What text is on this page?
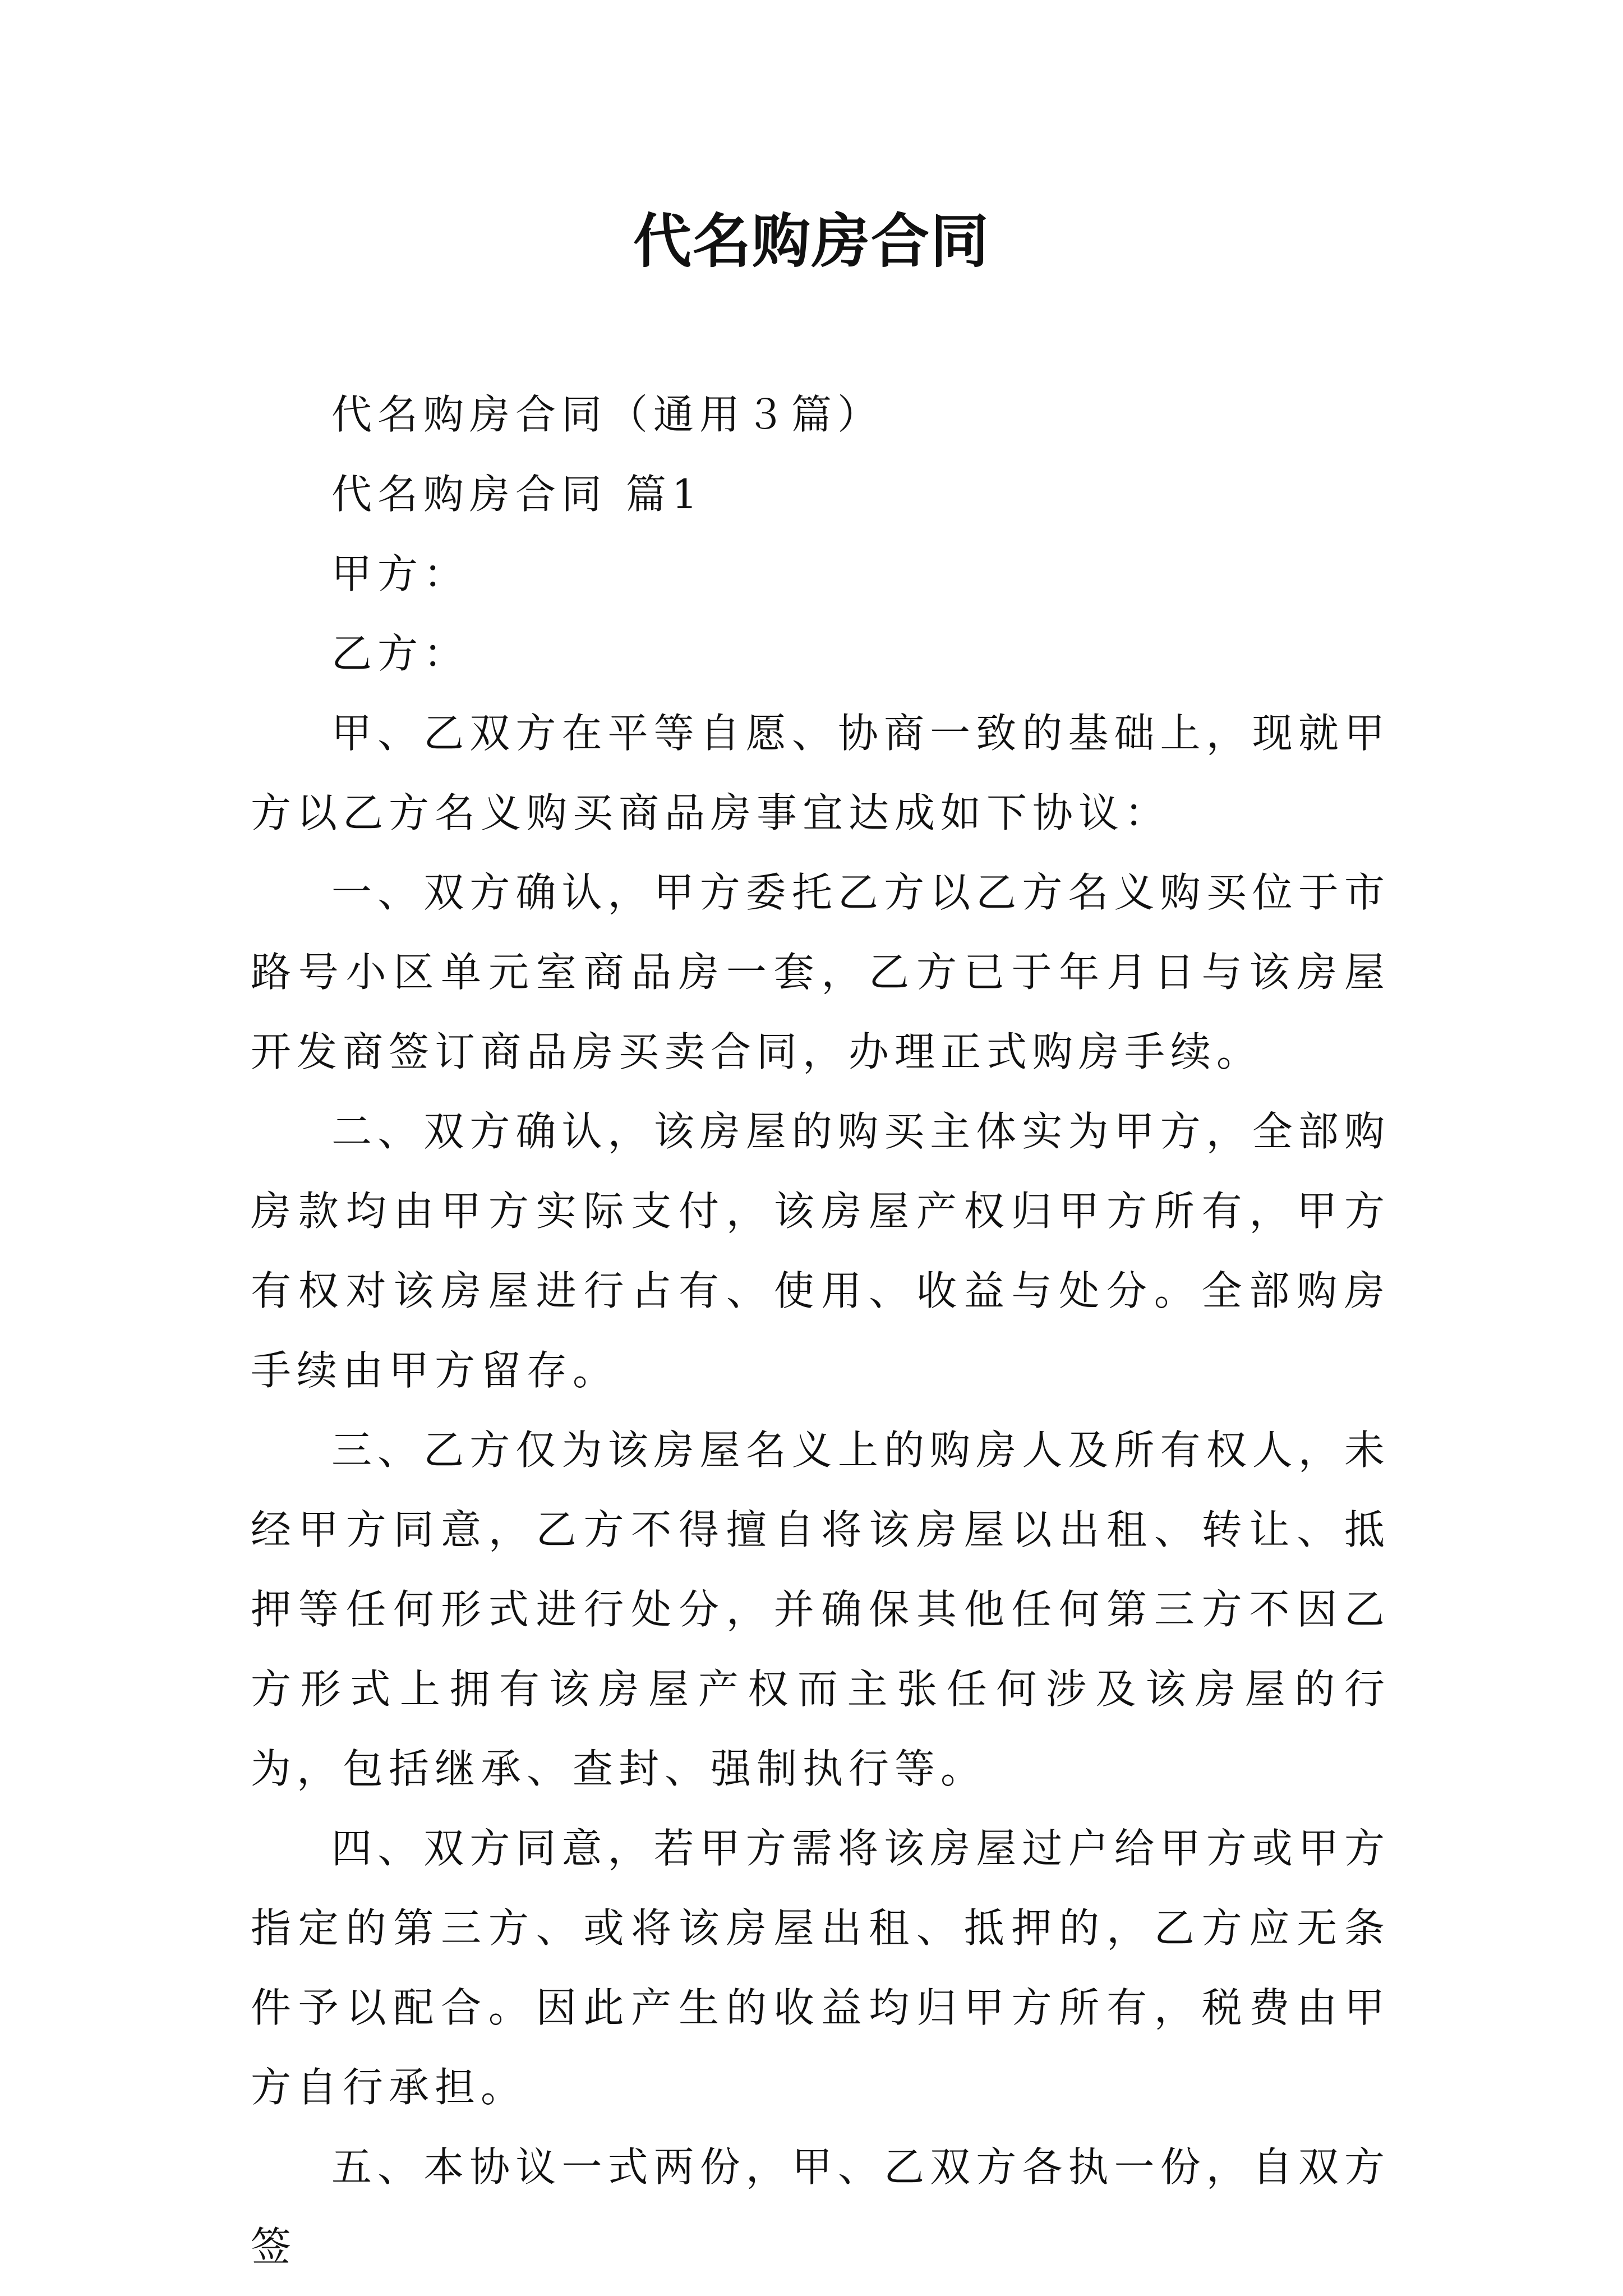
代名购房合同

代名购房合同（通用３篇）

代名购房合同 篇1

甲方：

乙方：

甲、乙双方在平等自愿、协商一致的基础上，现就甲方以乙方名义购买商品房事宜达成如下协议：

一、双方确认，甲方委托乙方以乙方名义购买位于市路号小区单元室商品房一套，乙方已于年月日与该房屋开发商签订商品房买卖合同，办理正式购房手续。

二、双方确认，该房屋的购买主体实为甲方，全部购房款均由甲方实际支付，该房屋产权归甲方所有，甲方有权对该房屋进行占有、使用、收益与处分。全部购房手续由甲方留存。

三、乙方仅为该房屋名义上的购房人及所有权人，未经甲方同意，乙方不得擅自将该房屋以出租、转让、抵押等任何形式进行处分，并确保其他任何第三方不因乙方形式上拥有该房屋产权而主张任何涉及该房屋的行为，包括继承、查封、强制执行等。

四、双方同意，若甲方需将该房屋过户给甲方或甲方指定的第三方、或将该房屋出租、抵押的，乙方应无条件予以配合。因此产生的收益均归甲方所有，税费由甲方自行承担。

五、本协议一式两份，甲、乙双方各执一份，自双方签
